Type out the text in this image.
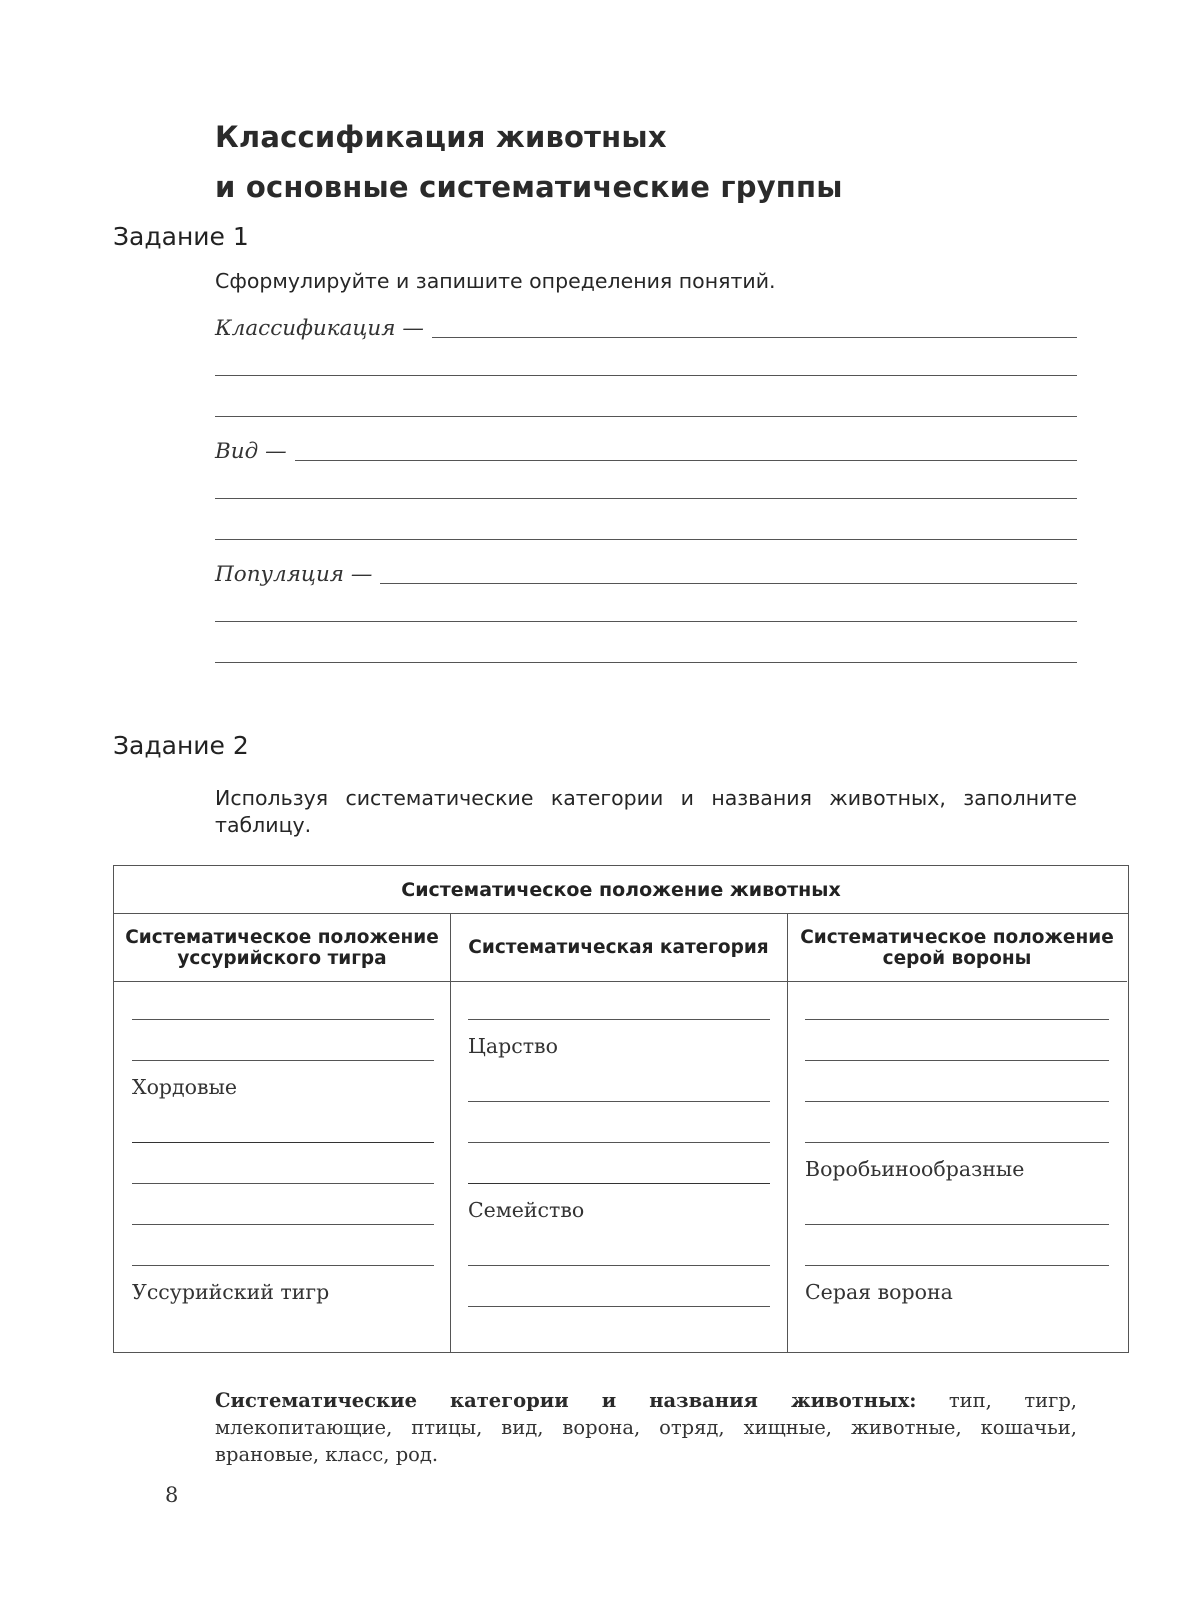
Классификация животных
и основные систематические группы
Задание 1

Сформулируйте и запишите определения понятий.

Классификация —
Вид —
Популяция —
Задание 2

Используя систематические категории и названия животных, заполните таблицу.

Систематическое положение животных
Систематическое положение уссурийского тигра	Систематическая категория	Систематическое положение серой вороны
Хордовые
Уссурийский тигр
Царство
Семейство
Воробьинообразные
Серая ворона

Систематические категории и названия животных: тип, тигр, млекопитающие, птицы, вид, ворона, отряд, хищные, животные, кошачьи, врановые, класс, род.

8
